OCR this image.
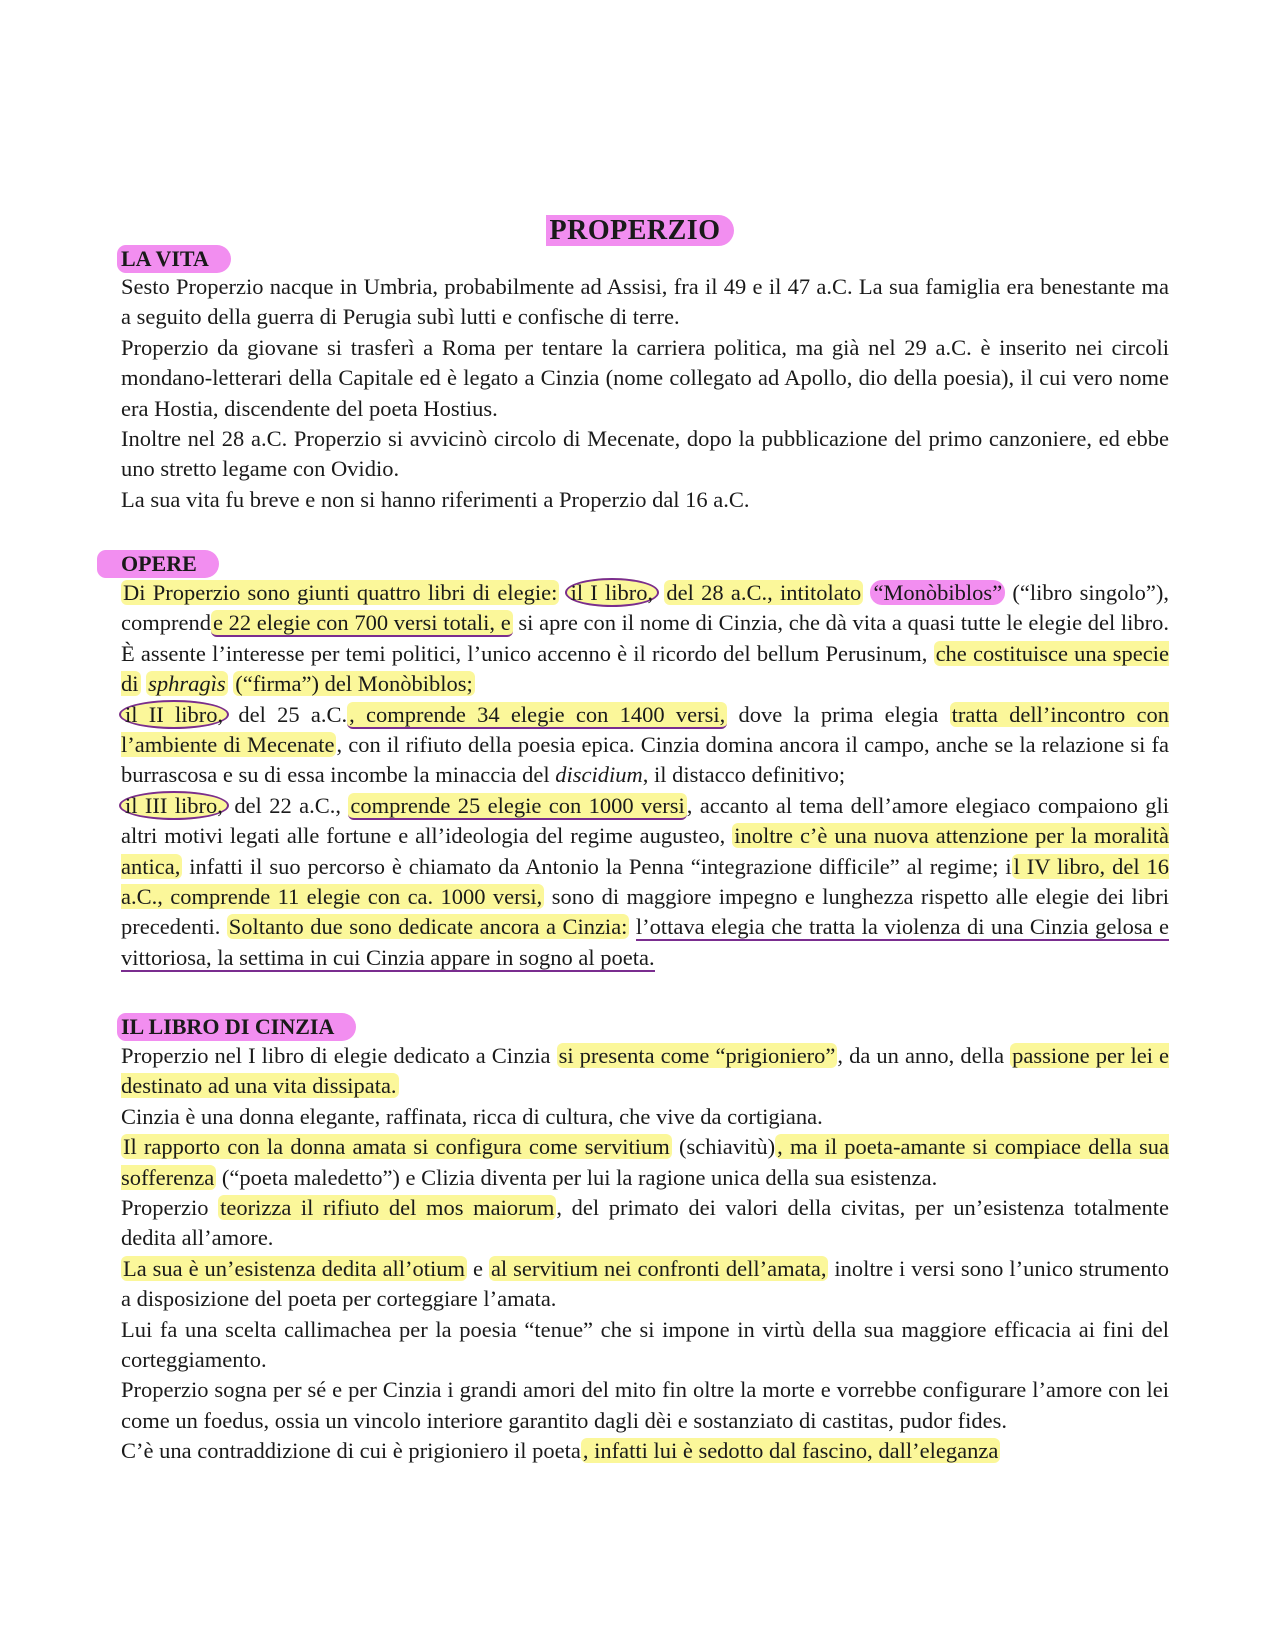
PROPERZIO
LA VITA

Sesto Properzio nacque in Umbria, probabilmente ad Assisi, fra il 49 e il 47 a.C. La sua famiglia era benestante ma a seguito della guerra di Perugia subì lutti e confische di terre.

Properzio da giovane si trasferì a Roma per tentare la carriera politica, ma già nel 29 a.C. è inserito nei circoli mondano-letterari della Capitale ed è legato a Cinzia (nome collegato ad Apollo, dio della poesia), il cui vero nome era Hostia, discendente del poeta Hostius.

Inoltre nel 28 a.C. Properzio si avvicinò circolo di Mecenate, dopo la pubblicazione del primo canzoniere, ed ebbe uno stretto legame con Ovidio.

La sua vita fu breve e non si hanno riferimenti a Properzio dal 16 a.C.

OPERE

Di Properzio sono giunti quattro libri di elegie: il I libro, del 28 a.C., intitolato “Monòbiblos” (“libro singolo”), comprende 22 elegie con 700 versi totali, e si apre con il nome di Cinzia, che dà vita a quasi tutte le elegie del libro. È assente l’interesse per temi politici, l’unico accenno è il ricordo del bellum Perusinum, che costituisce una specie di sphragìs (“firma”) del Monòbiblos;

il II libro, del 25 a.C., comprende 34 elegie con 1400 versi, dove la prima elegia tratta dell’incontro con l’ambiente di Mecenate, con il rifiuto della poesia epica. Cinzia domina ancora il campo, anche se la relazione si fa burrascosa e su di essa incombe la minaccia del discidium, il distacco definitivo;

il III libro, del 22 a.C., comprende 25 elegie con 1000 versi, accanto al tema dell’amore elegiaco compaiono gli altri motivi legati alle fortune e all’ideologia del regime augusteo, inoltre c’è una nuova attenzione per la moralità antica, infatti il suo percorso è chiamato da Antonio la Penna “integrazione difficile” al regime; il IV libro, del 16 a.C., comprende 11 elegie con ca. 1000 versi, sono di maggiore impegno e lunghezza rispetto alle elegie dei libri precedenti. Soltanto due sono dedicate ancora a Cinzia: l’ottava elegia che tratta la violenza di una Cinzia gelosa e vittoriosa, la settima in cui Cinzia appare in sogno al poeta.

IL LIBRO DI CINZIA

Properzio nel I libro di elegie dedicato a Cinzia si presenta come “prigioniero”, da un anno, della passione per lei e destinato ad una vita dissipata.

Cinzia è una donna elegante, raffinata, ricca di cultura, che vive da cortigiana.

Il rapporto con la donna amata si configura come servitium (schiavitù), ma il poeta-amante si compiace della sua sofferenza (“poeta maledetto”) e Clizia diventa per lui la ragione unica della sua esistenza.

Properzio teorizza il rifiuto del mos maiorum, del primato dei valori della civitas, per un’esistenza totalmente dedita all’amore.

La sua è un’esistenza dedita all’otium e al servitium nei confronti dell’amata, inoltre i versi sono l’unico strumento a disposizione del poeta per corteggiare l’amata.

Lui fa una scelta callimachea per la poesia “tenue” che si impone in virtù della sua maggiore efficacia ai fini del corteggiamento.

Properzio sogna per sé e per Cinzia i grandi amori del mito fin oltre la morte e vorrebbe configurare l’amore con lei come un foedus, ossia un vincolo interiore garantito dagli dèi e sostanziato di castitas, pudor fides.

C’è una contraddizione di cui è prigioniero il poeta, infatti lui è sedotto dal fascino, dall’eleganza
